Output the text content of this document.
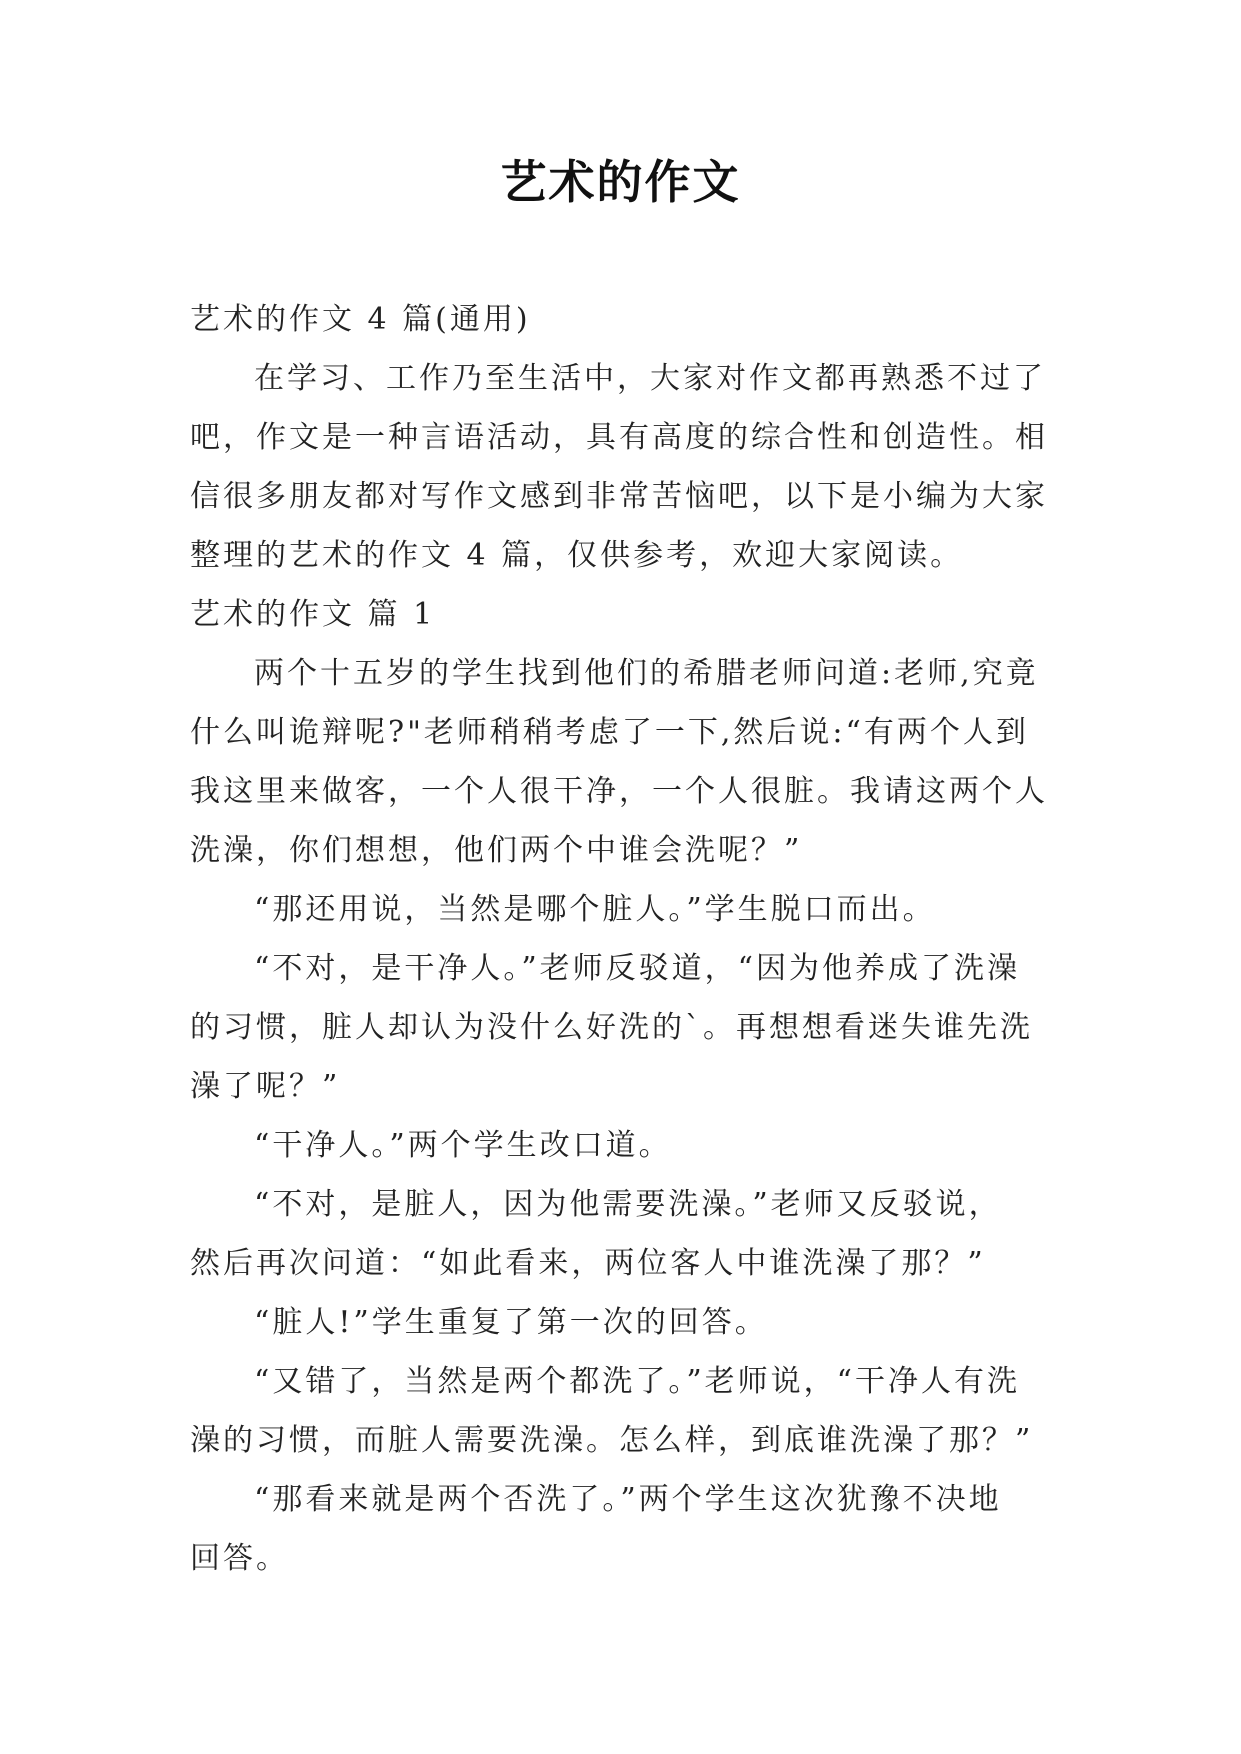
艺术的作文

艺术的作文 4 篇(通用)

在学习、工作乃至生活中，大家对作文都再熟悉不过了

吧，作文是一种言语活动，具有高度的综合性和创造性。相

信很多朋友都对写作文感到非常苦恼吧，以下是小编为大家

整理的艺术的作文 4 篇，仅供参考，欢迎大家阅读。

艺术的作文 篇 1

两个十五岁的学生找到他们的希腊老师问道:老师,究竟

什么叫诡辩呢?"老师稍稍考虑了一下,然后说:“有两个人到

我这里来做客，一个人很干净，一个人很脏。我请这两个人

洗澡，你们想想，他们两个中谁会洗呢？”

“那还用说，当然是哪个脏人。”学生脱口而出。

“不对，是干净人。”老师反驳道，“因为他养成了洗澡

的习惯，脏人却认为没什么好洗的`。再想想看迷失谁先洗

澡了呢？”

“干净人。”两个学生改口道。

“不对，是脏人，因为他需要洗澡。”老师又反驳说，

然后再次问道：“如此看来，两位客人中谁洗澡了那？”

“脏人!”学生重复了第一次的回答。

“又错了，当然是两个都洗了。”老师说，“干净人有洗

澡的习惯，而脏人需要洗澡。怎么样，到底谁洗澡了那？”

“那看来就是两个否洗了。”两个学生这次犹豫不决地

回答。
